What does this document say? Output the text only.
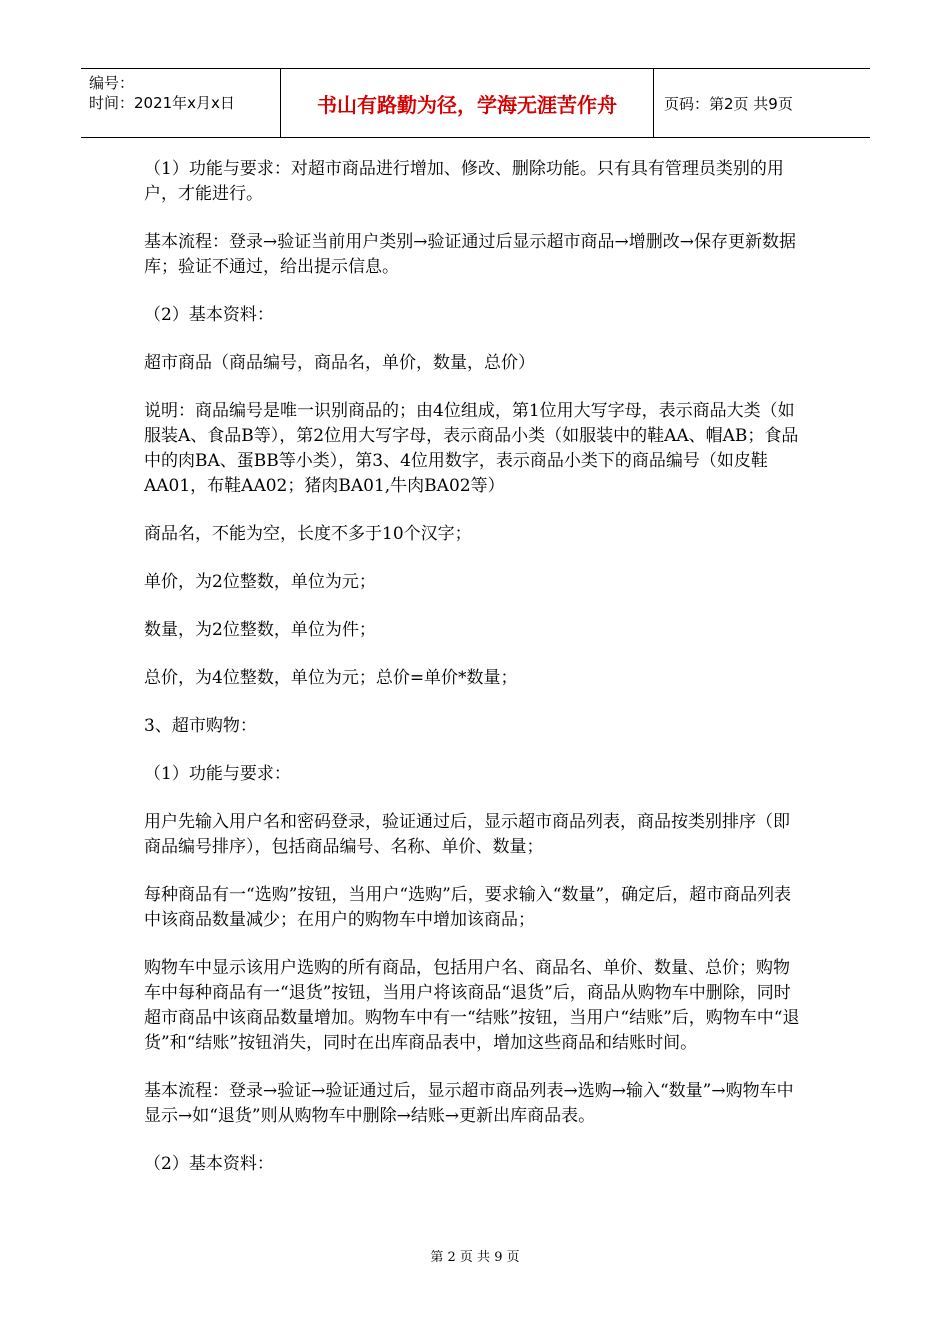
编号：
时间：2021年x月x日	书山有路勤为径，学海无涯苦作舟	页码：第2页 共9页

（1）功能与要求：对超市商品进行增加、修改、删除功能。只有具有管理员类别的用户，才能进行。

基本流程：登录→验证当前用户类别→验证通过后显示超市商品→增删改→保存更新数据库；验证不通过，给出提示信息。

（2）基本资料：

超市商品（商品编号，商品名，单价，数量，总价）

说明：商品编号是唯一识别商品的；由4位组成，第1位用大写字母，表示商品大类（如服装A、食品B等），第2位用大写字母，表示商品小类（如服装中的鞋AA、帽AB；食品中的肉BA、蛋BB等小类），第3、4位用数字，表示商品小类下的商品编号（如皮鞋AA01，布鞋AA02；猪肉BA01,牛肉BA02等）

商品名，不能为空，长度不多于10个汉字；

单价，为2位整数，单位为元；

数量，为2位整数，单位为件；

总价，为4位整数，单位为元；总价=单价*数量；

3、超市购物：

（1）功能与要求：

用户先输入用户名和密码登录，验证通过后，显示超市商品列表，商品按类别排序（即商品编号排序），包括商品编号、名称、单价、数量；

每种商品有一“选购”按钮，当用户“选购”后，要求输入“数量”，确定后，超市商品列表中该商品数量减少；在用户的购物车中增加该商品；

购物车中显示该用户选购的所有商品，包括用户名、商品名、单价、数量、总价；购物车中每种商品有一“退货”按钮，当用户将该商品“退货”后，商品从购物车中删除，同时超市商品中该商品数量增加。购物车中有一“结账”按钮，当用户“结账”后，购物车中“退货”和“结账”按钮消失，同时在出库商品表中，增加这些商品和结账时间。

基本流程：登录→验证→验证通过后，显示超市商品列表→选购→输入“数量”→购物车中显示→如“退货”则从购物车中删除→结账→更新出库商品表。

（2）基本资料：

第 2 页 共 9 页
